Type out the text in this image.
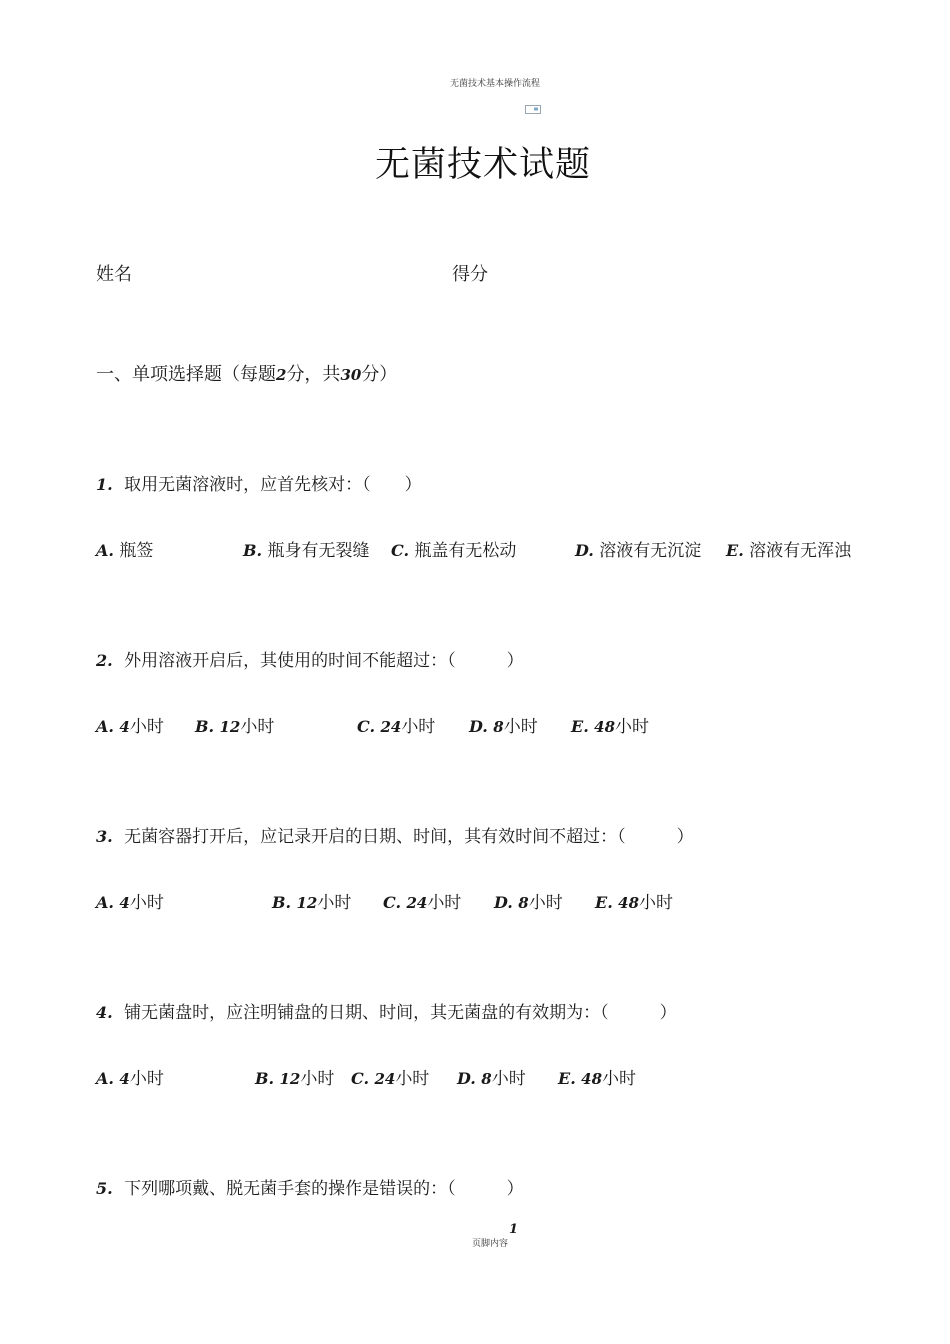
无菌技术基本操作流程
无菌技术试题
姓名	得分
一、单项选择题（每题2分，共30分）
1. 取用无菌溶液时，应首先核对：（　　）
A. 瓶签	B. 瓶身有无裂缝 C. 瓶盖有无松动	D. 溶液有无沉淀 E. 溶液有无浑浊
2. 外用溶液开启后，其使用的时间不能超过：（　　　）
A. 4小时 B. 12小时	C. 24小时 D. 8小时 E. 48小时
3. 无菌容器打开后，应记录开启的日期、时间，其有效时间不超过：（　　　）
A. 4小时	B. 12小时 C. 24小时 D. 8小时 E. 48小时
4. 铺无菌盘时，应注明铺盘的日期、时间，其无菌盘的有效期为：（　　　）
A. 4小时	B. 12小时 C. 24小时 D. 8小时 E. 48小时
5. 下列哪项戴、脱无菌手套的操作是错误的：（　　　）
1
页脚内容
